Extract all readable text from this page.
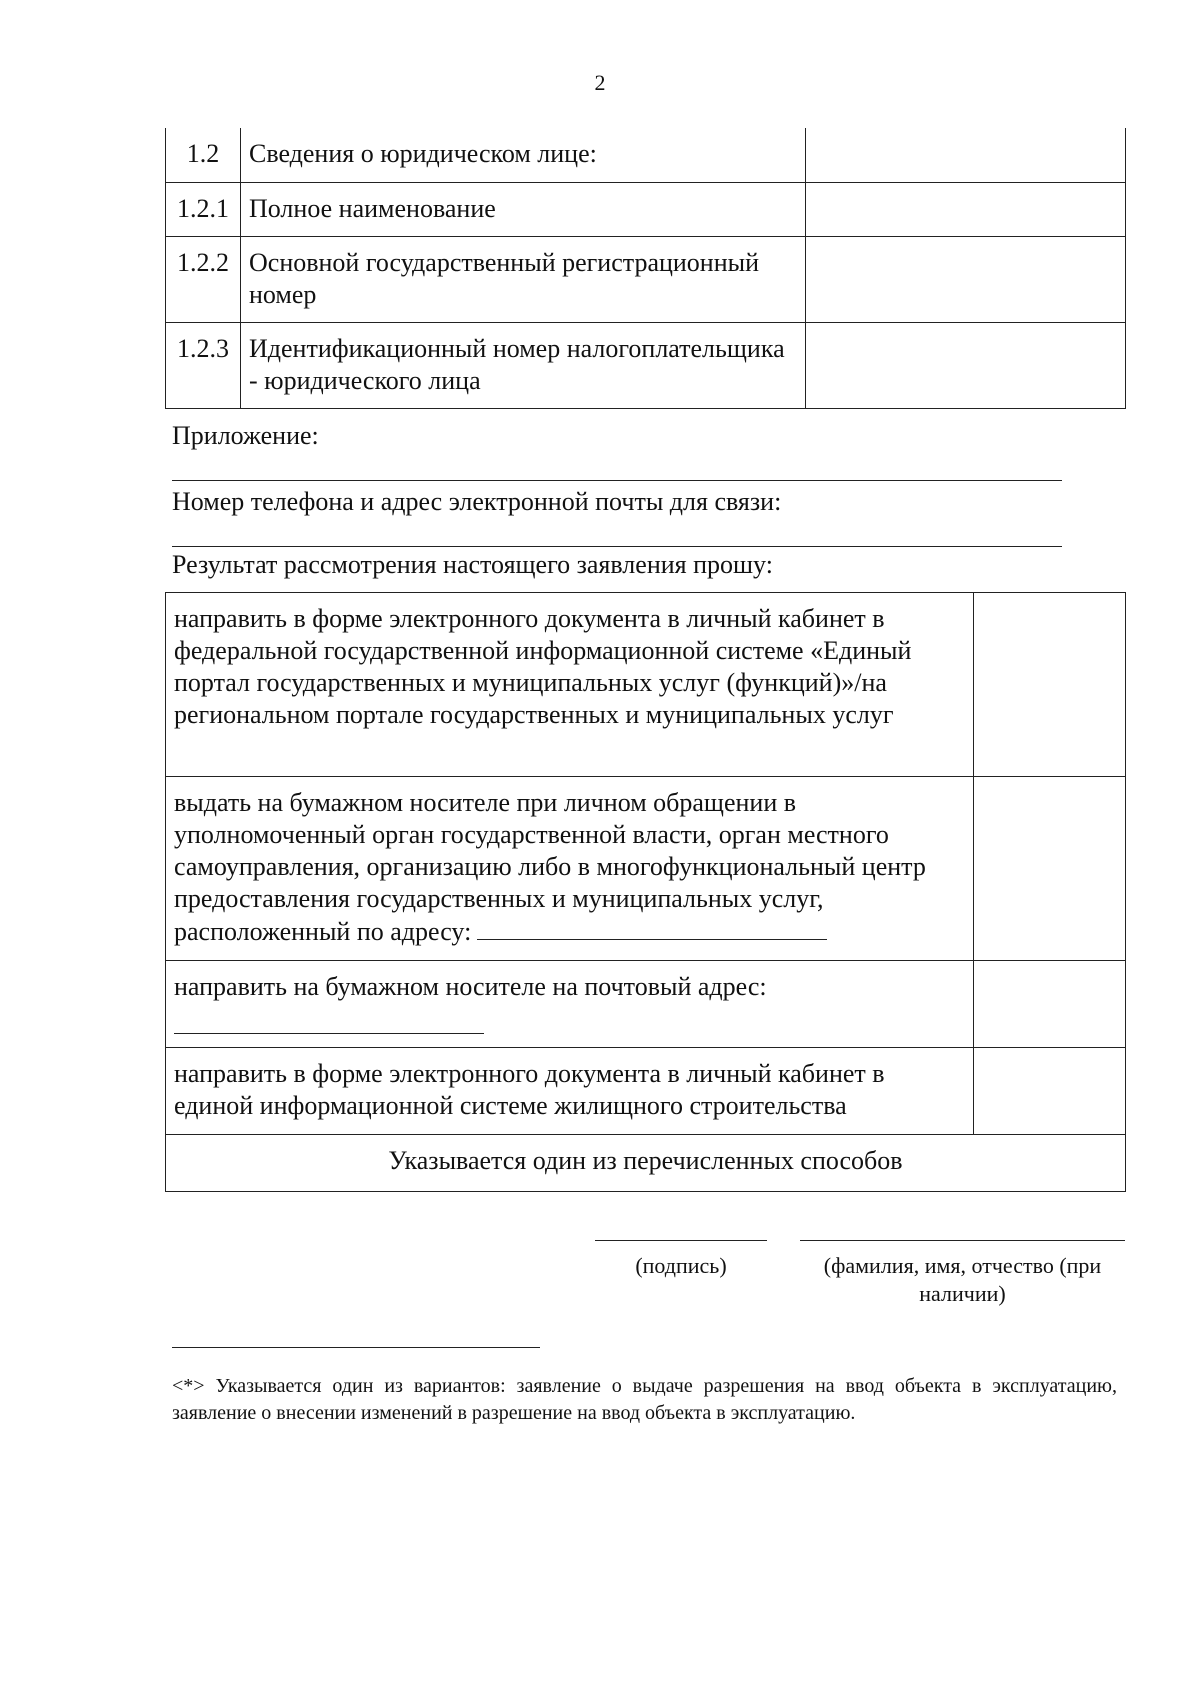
2
1.2	Сведения о юридическом лице:	
1.2.1	Полное наименование	
1.2.2	Основной государственный регистрационный номер	
1.2.3	Идентификационный номер налогоплательщика - юридического лица	
Приложение:
Номер телефона и адрес электронной почты для связи:
Результат рассмотрения настоящего заявления прошу:
направить в форме электронного документа в личный кабинет в федеральной государственной информационной системе «Единый портал государственных и муниципальных услуг (функций)»/на региональном портале государственных и муниципальных услуг	
выдать на бумажном носителе при личном обращении в уполномоченный орган государственной власти, орган местного самоуправления, организацию либо в многофункциональный центр предоставления государственных и муниципальных услуг, расположенный по адресу:	
направить на бумажном носителе на почтовый адрес:

направить в форме электронного документа в личный кабинет в единой информационной системе жилищного строительства	
Указывается один из перечисленных способов	
(подпись)	(фамилия, имя, отчество (при наличии)
<*> Указывается один из вариантов: заявление о выдаче разрешения на ввод объекта в эксплуатацию, заявление о внесении изменений в разрешение на ввод объекта в эксплуатацию.
